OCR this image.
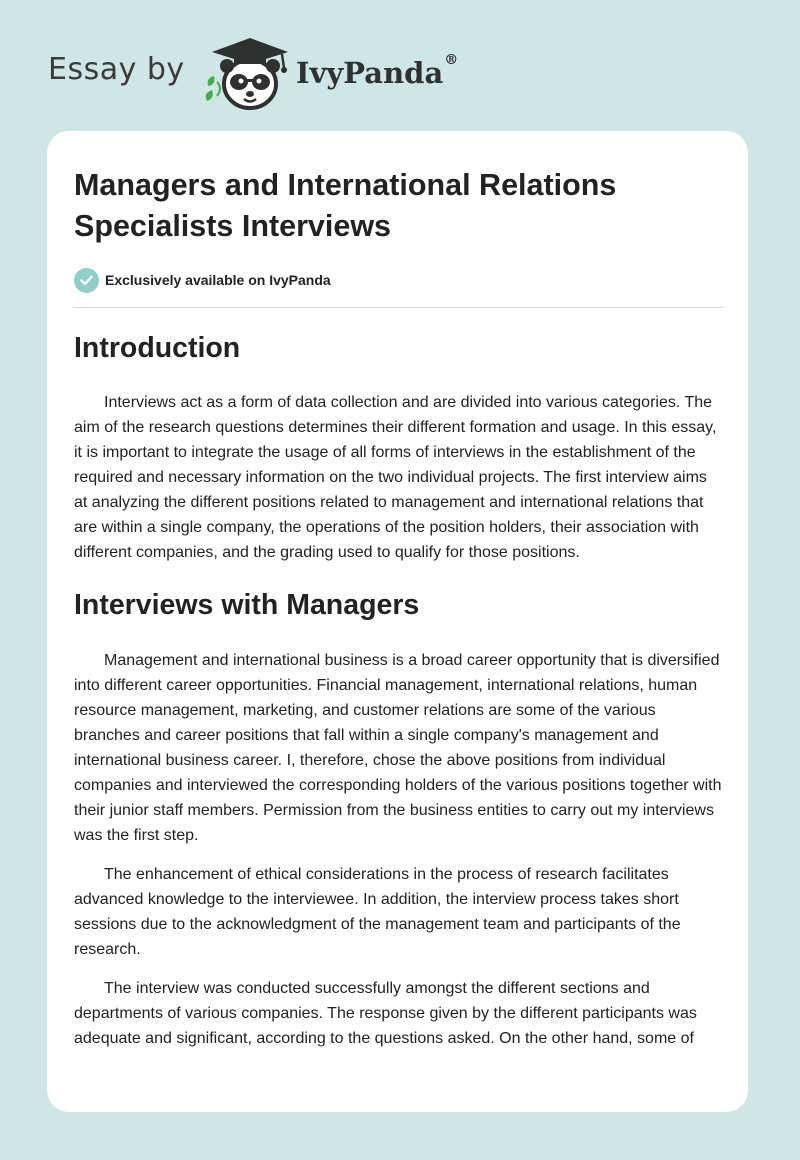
Essay by	IvyPanda®
Managers and International Relations Specialists Interviews
Exclusively available on IvyPanda
Introduction

Interviews act as a form of data collection and are divided into various categories. The aim of the research questions determines their different formation and usage. In this essay, it is important to integrate the usage of all forms of interviews in the establishment of the required and necessary information on the two individual projects. The first interview aims at analyzing the different positions related to management and international relations that are within a single company, the operations of the position holders, their association with different companies, and the grading used to qualify for those positions.

Interviews with Managers

Management and international business is a broad career opportunity that is diversified into different career opportunities. Financial management, international relations, human resource management, marketing, and customer relations are some of the various branches and career positions that fall within a single company's management and international business career. I, therefore, chose the above positions from individual companies and interviewed the corresponding holders of the various positions together with their junior staff members. Permission from the business entities to carry out my interviews was the first step.

The enhancement of ethical considerations in the process of research facilitates advanced knowledge to the interviewee. In addition, the interview process takes short sessions due to the acknowledgment of the management team and participants of the research.

The interview was conducted successfully amongst the different sections and departments of various companies. The response given by the different participants was adequate and significant, according to the questions asked. On the other hand, some of
